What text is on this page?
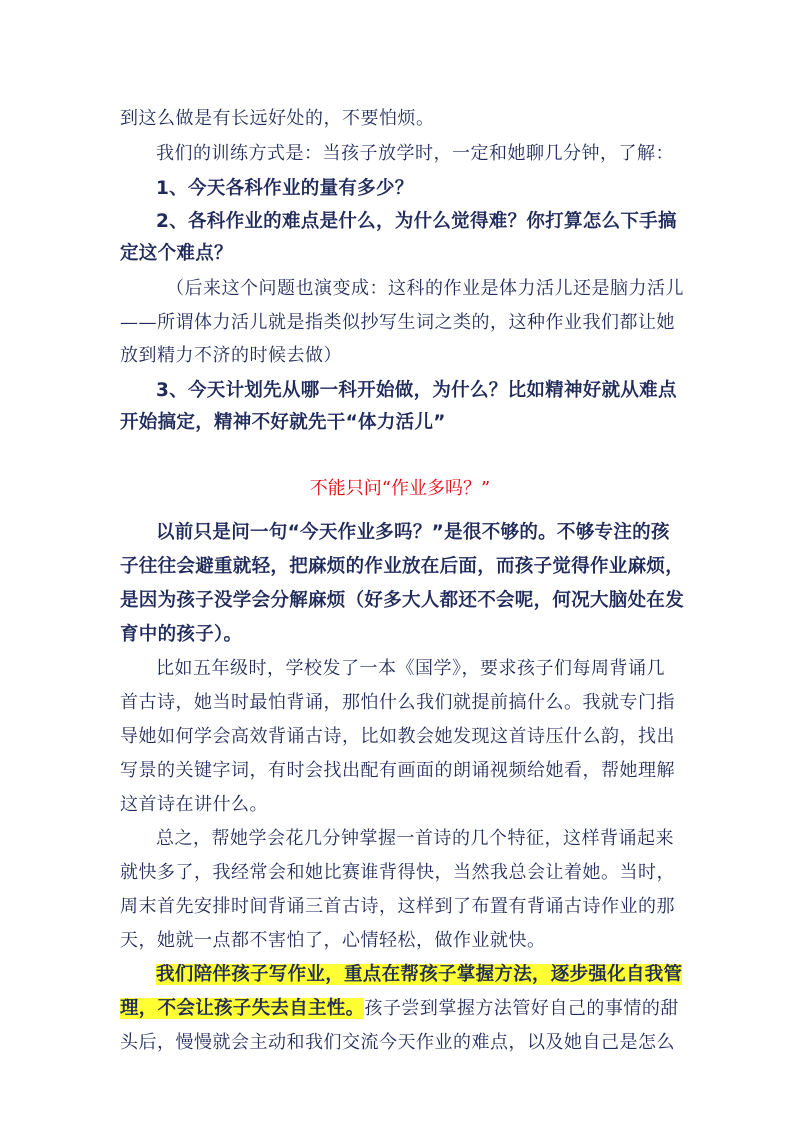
到这么做是有长远好处的，不要怕烦。
我们的训练方式是：当孩子放学时，一定和她聊几分钟，了解：
1、今天各科作业的量有多少？
2、各科作业的难点是什么，为什么觉得难？你打算怎么下手搞
定这个难点？
（后来这个问题也演变成：这科的作业是体力活儿还是脑力活儿
——所谓体力活儿就是指类似抄写生词之类的，这种作业我们都让她
放到精力不济的时候去做）
3、今天计划先从哪一科开始做，为什么？比如精神好就从难点
开始搞定，精神不好就先干“体力活儿”
不能只问“作业多吗？”
以前只是问一句“今天作业多吗？”是很不够的。不够专注的孩
子往往会避重就轻，把麻烦的作业放在后面，而孩子觉得作业麻烦，
是因为孩子没学会分解麻烦（好多大人都还不会呢，何况大脑处在发
育中的孩子）。
比如五年级时，学校发了一本《国学》，要求孩子们每周背诵几
首古诗，她当时最怕背诵，那怕什么我们就提前搞什么。我就专门指
导她如何学会高效背诵古诗，比如教会她发现这首诗压什么韵，找出
写景的关键字词，有时会找出配有画面的朗诵视频给她看，帮她理解
这首诗在讲什么。
总之，帮她学会花几分钟掌握一首诗的几个特征，这样背诵起来
就快多了，我经常会和她比赛谁背得快，当然我总会让着她。当时，
周末首先安排时间背诵三首古诗，这样到了布置有背诵古诗作业的那
天，她就一点都不害怕了，心情轻松，做作业就快。
我们陪伴孩子写作业，重点在帮孩子掌握方法，逐步强化自我管
理，不会让孩子失去自主性。孩子尝到掌握方法管好自己的事情的甜
头后，慢慢就会主动和我们交流今天作业的难点，以及她自己是怎么
